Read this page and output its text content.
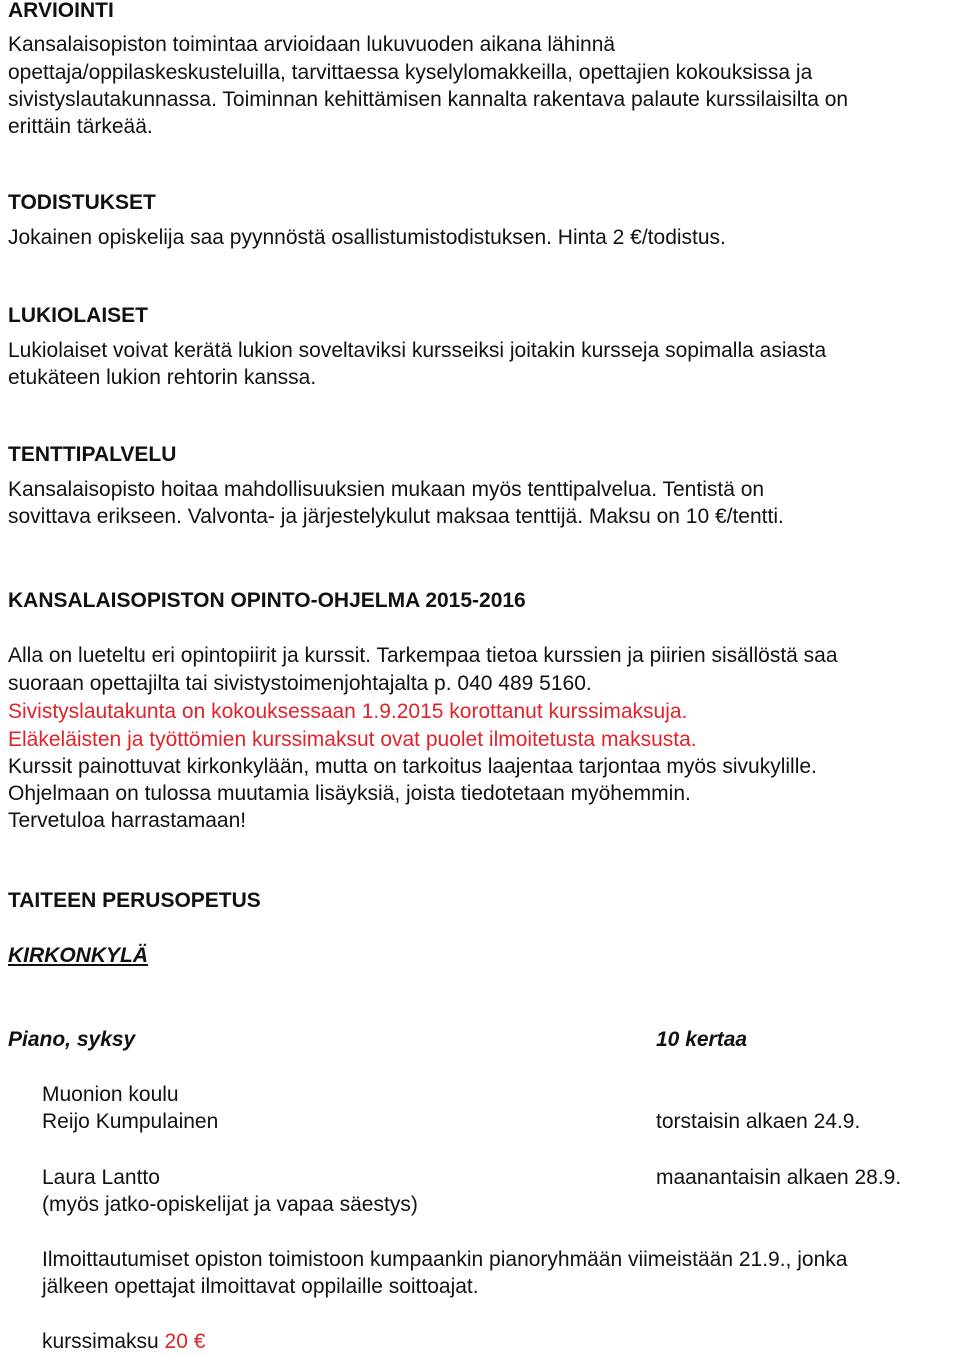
ARVIOINTI
Kansalaisopiston toimintaa arvioidaan lukuvuoden aikana lähinnä
opettaja/oppilaskeskusteluilla, tarvittaessa kyselylomakkeilla, opettajien kokouksissa ja
sivistyslautakunnassa. Toiminnan kehittämisen kannalta rakentava palaute kurssilaisilta on
erittäin tärkeää.
TODISTUKSET
Jokainen opiskelija saa pyynnöstä osallistumistodistuksen. Hinta 2 €/todistus.
LUKIOLAISET
Lukiolaiset voivat kerätä lukion soveltaviksi kursseiksi joitakin kursseja sopimalla asiasta
etukäteen lukion rehtorin kanssa.
TENTTIPALVELU
Kansalaisopisto hoitaa mahdollisuuksien mukaan myös tenttipalvelua. Tentistä on
sovittava erikseen. Valvonta- ja järjestelykulut maksaa tenttijä. Maksu on 10 €/tentti.
KANSALAISOPISTON OPINTO-OHJELMA 2015-2016
Alla on lueteltu eri opintopiirit ja kurssit. Tarkempaa tietoa kurssien ja piirien sisällöstä saa
suoraan opettajilta tai sivistystoimenjohtajalta p. 040 489 5160.
Sivistyslautakunta on kokouksessaan 1.9.2015 korottanut kurssimaksuja.
Eläkeläisten ja työttömien kurssimaksut ovat puolet ilmoitetusta maksusta.
Kurssit painottuvat kirkonkylään, mutta on tarkoitus laajentaa tarjontaa myös sivukylille.
Ohjelmaan on tulossa muutamia lisäyksiä, joista tiedotetaan myöhemmin.
Tervetuloa harrastamaan!
TAITEEN PERUSOPETUS
KIRKONKYLÄ
Piano, syksy	10 kertaa
Muonion koulu
Reijo Kumpulainen	torstaisin alkaen 24.9.
Laura Lantto	maanantaisin alkaen 28.9.
(myös jatko-opiskelijat ja vapaa säestys)
Ilmoittautumiset opiston toimistoon kumpaankin pianoryhmään viimeistään 21.9., jonka
jälkeen opettajat ilmoittavat oppilaille soittoajat.
kurssimaksu 20 €
